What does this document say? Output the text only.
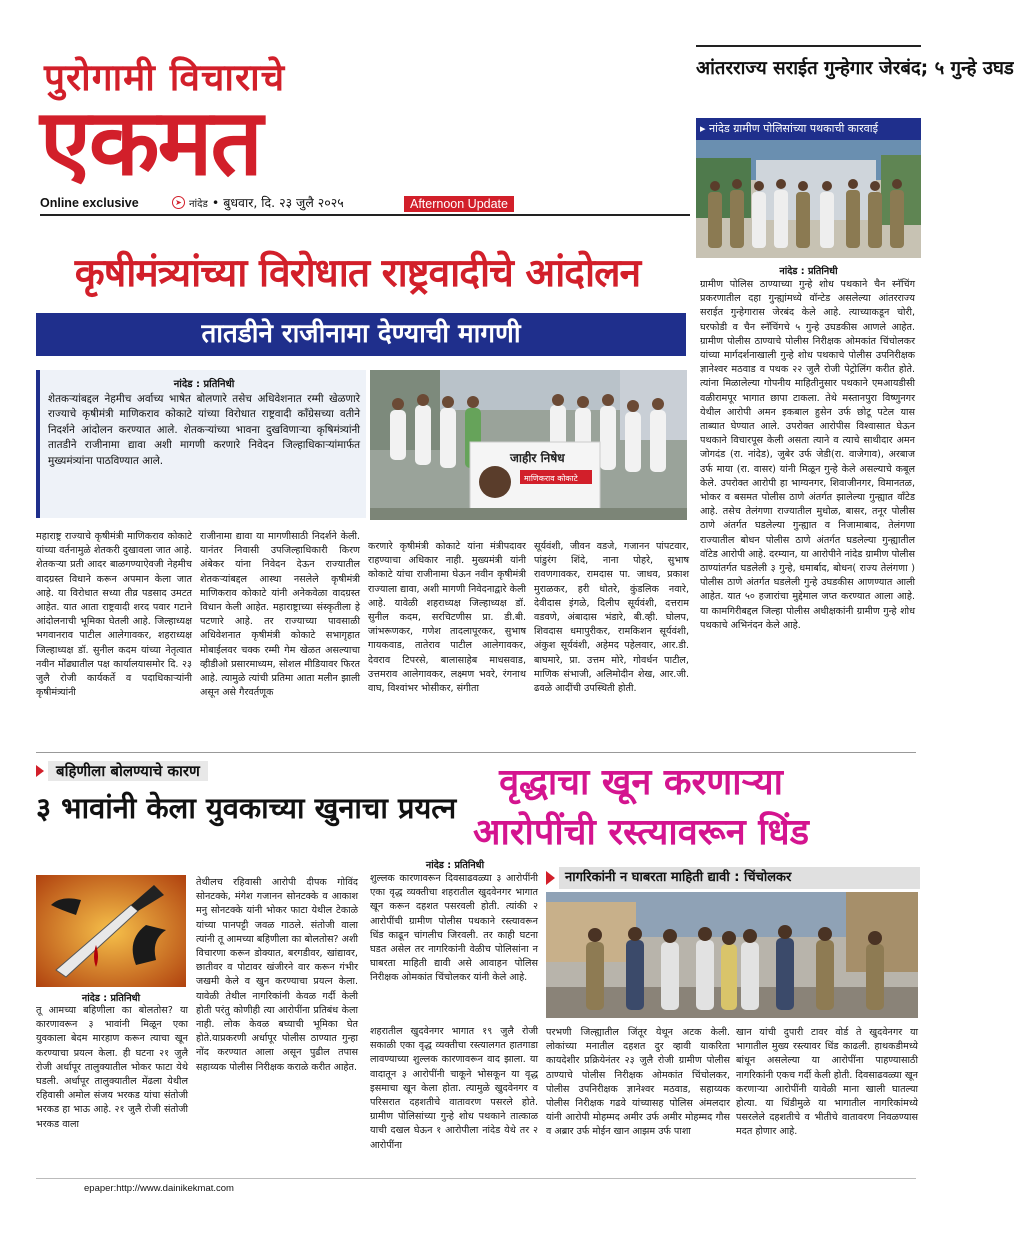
पुरोगामी विचाराचे
एकमत
Online exclusive	➤ नांदेड • बुधवार, दि. २३ जुलै २०२५	Afternoon Update
कृषीमंत्र्यांच्या विरोधात राष्ट्रवादीचे आंदोलन
तातडीने राजीनामा देण्याची मागणी
नांदेड : प्रतिनिधी
शेतकऱ्यांबद्दल नेहमीच अर्वाच्य भाषेत बोलणारे तसेच अधिवेशनात रम्मी खेळणारे राज्याचे कृषीमंत्री माणिकराव कोकाटे यांच्या विरोधात राष्ट्रवादी कॉंग्रेसच्या वतीने निदर्शने आंदोलन करण्यात आले. शेतकऱ्यांच्या भावना दुखविणाऱ्या कृषिमंत्र्यांनी तातडीने राजीनामा द्यावा अशी मागणी करणारे निवेदन जिल्हाधिकाऱ्यांमार्फत मुख्यमंत्र्यांना पाठविण्यात आले.	जाहीर निषेध
माणिकराव कोकाटे
महाराष्ट्र राज्याचे कृषीमंत्री माणिकराव कोकाटे यांच्या वर्तनामुळे शेतकरी दुखावला जात आहे. शेतकऱ्या प्रती आदर बाळगण्याऐवजी नेहमीच वादग्रस्त विधाने करून अपमान केला जात आहे. या विरोधात सध्या तीव्र पडसाद उमटत आहेत. यात आता राष्ट्रवादी शरद पवार गटाने आंदोलनाची भूमिका घेतली आहे. जिल्हाध्यक्ष भगवानराव पाटील आलेगावकर, शहराध्यक्ष जिल्हाध्यक्ष डॉ. सुनील कदम यांच्या नेतृत्वात नवीन मोंढ्यातील पक्ष कार्यालयासमोर दि. २३ जुलै रोजी कार्यकर्ते व पदाधिकाऱ्यांनी कृषीमंत्र्यांनी
राजीनामा द्यावा या मागणीसाठी निदर्शने केली. यानंतर निवासी उपजिल्हाधिकारी किरण अंबेकर यांना निवेदन देऊन राज्यातील शेतकऱ्यांबद्दल आस्था नसलेले कृषीमंत्री माणिकराव कोकाटे यांनी अनेकवेळा वादग्रस्त विधान केली आहेत. महाराष्ट्राच्या संस्कृतीला हे पटणारे आहे. तर राज्याच्या पावसाळी अधिवेशनात कृषीमंत्री कोकाटे सभागृहात मोबाईलवर चक्क रम्मी गेम खेळत असल्याचा व्हीडीओ प्रसारमाध्यम, सोशल मीडियावर फिरत आहे. त्यामुळे त्यांची प्रतिमा आता मलीन झाली असून असे गैरवर्तणूक
करणारे कृषीमंत्री कोकाटे यांना मंत्रीपदावर राहण्याचा अधिकार नाही. मुख्यमंत्री यांनी कोकाटे यांचा राजीनामा घेऊन नवीन कृषीमंत्री राज्याला द्यावा, अशी मागणी निवेदनाद्वारे केली आहे. यावेळी शहराध्यक्ष जिल्हाध्यक्ष डॉ. सुनील कदम, सरचिटणीस प्रा. डी.बी. जांभरूणकर, गणेश तादलापूरकर, सुभाष गायकवाड, तातेराव पाटील आलेगावकर, देवराव टिपरसे, बालासाहेब माधसवाड, उत्तमराव आलेगावकर, लक्ष्मण भवरे, रंगनाथ वाघ, विश्वांभर भोसीकर, संगीता
सूर्यवंशी, जीवन वडजे, गजानन पांपटवार, पांडुरंग शिंदे, नाना पोहरे, सुभाष रावणगावकर, रामदास पा. जाधव, प्रकाश मुराळकर, हरी धोतरे, कुंडलिक नवारे, देवीदास इंगळे, दिलीप सूर्यवंशी, दत्तराम वडवणे, अंबादास भंडारे, बी.व्ही. घोलप, शिवदास धमापुरीकर, रामकिशन सूर्यवंशी, अंकुश सूर्यवंशी, अहेमद पहेलवार, आर.डी. बाघमारे, प्रा. उत्तम मोरे, गोवर्धन पाटील, माणिक संभाजी, अलिमोदीन शेख, आर.जी. ढवळे आदींची उपस्थिती होती.
आंतरराज्य सराईत गुन्हेगार जेरबंद; ५ गुन्हे उघड
▸ नांदेड ग्रामीण पोलिसांच्या पथकाची कारवाई
नांदेड : प्रतिनिधी
ग्रामीण पोलिस ठाण्याच्या गुन्हे शोध पथकाने चैन स्नॅचिंग प्रकरणातील दहा गुन्ह्यांमध्ये वॉन्टेड असलेल्या आंतरराज्य सराईत गुन्हेगारास जेरबंद केले आहे. त्याच्याकडून चोरी, घरफोडी व चैन स्नॅचिंगचे ५ गुन्हे उघडकीस आणले आहेत. ग्रामीण पोलीस ठाण्याचे पोलीस निरीक्षक ओमकांत चिंचोलकर यांच्या मार्गदर्शनाखाली गुन्हे शोध पथकाचे पोलीस उपनिरीक्षक ज्ञानेश्वर मठवाड व पथक २२ जुलै रोजी पेट्रोलिंग करीत होते. त्यांना मिळालेल्या गोपनीय माहितीनुसार पथकाने एमआयडीसी वळीरामपूर भागात छापा टाकला. तेथे मस्तानपुरा विष्णुनगर येथील आरोपी अमन इकबाल हुसेन उर्फ छोटू पटेल यास ताब्यात घेण्यात आले. उपरोक्त आरोपीस विश्वासात घेऊन पथकाने विचारपूस केली असता त्याने व त्याचे साथीदार अमन जोगदंड (रा. नांदेड), जुबेर उर्फ जेडी(रा. वाजेगाव), अरबाज उर्फ माया (रा. वासर) यांनी मिळून गुन्हे केले असल्याचे कबूल केले. उपरोक्त आरोपी हा भाग्यनगर, शिवाजीनगर, विमानतळ, भोकर व बसमत पोलीस ठाणे अंतर्गत झालेल्या गुन्ह्यात वाँटेड आहे. तसेच तेलंगणा राज्यातील मुधोळ, बासर, तनूर पोलीस ठाणे अंतर्गत घडलेल्या गुन्ह्यात व निजामाबाद, तेलंगणा राज्यातील बोधन पोलीस ठाणे अंतर्गत घडलेल्या गुन्ह्यातील वॉटेड आरोपी आहे. दरम्यान, या आरोपीने नांदेड ग्रामीण पोलीस ठाण्यांतर्गत घडलेली ३ गुन्हे, धमार्बाद, बोधन( राज्य तेलंगणा ) पोलीस ठाणे अंतर्गत घडलेली गुन्हे उघडकीस आणण्यात आली आहेत. यात ५० हजारांचा मुद्देमाल जप्त करण्यात आला आहे. या कामगिरीबद्दल जिल्हा पोलीस अधीक्षकांनी ग्रामीण गुन्हे शोध पथकाचे अभिनंदन केले आहे.
बहिणीला बोलण्याचे कारण
३ भावांनी केला युवकाच्या खुनाचा प्रयत्न
नांदेड : प्रतिनिधी
तू आमच्या बहिणीला का बोलतोस? या कारणावरून ३ भावांनी मिळून एका युवकाला बेदम मारहाण करून त्याचा खून करण्याचा प्रयत्न केला. ही घटना २१ जुलै रोजी अर्धापूर तालुक्यातील भोकर फाटा येथे घडली. अर्धापूर तालुक्यातील मेंढला येथील रहिवासी अमोल संजय भरकड यांचा संतोजी भरकड हा भाऊ आहे. २१ जुलै रोजी संतोजी भरकड वाला
तेथीलच रहिवासी आरोपी दीपक गोविंद सोनटक्के, मंगेश गजानन सोनटक्के व आकाश मनु सोनटक्के यांनी भोकर फाटा येथील टेकाळे यांच्या पानपट्टी जवळ गाठले. संतोजी वाला त्यांनी तू आमच्या बहिणीला का बोलतोस? अशी विचारणा करून डोक्यात, बरगडीवर, खांद्यावर, छातीवर व पोटावर खंजीरने वार करून गंभीर जखमी केले व खुन करण्याचा प्रयत्न केला. यावेळी तेथील नागरिकांनी केवळ गर्दी केली होती परंतु कोणीही त्या आरोपींना प्रतिबंध केला नाही. लोक केवळ बघ्याची भूमिका घेत होते.याप्रकरणी अर्धापूर पोलीस ठाण्यात गुन्हा नोंद करण्यात आला असून पुढील तपास सहाय्यक पोलीस निरीक्षक कराळे करीत आहेत.
वृद्धाचा खून करणाऱ्या
आरोपींची रस्त्यावरून धिंड
नांदेड : प्रतिनिधी
शुल्लक कारणावरून दिवसाढवळ्या ३ आरोपींनी एका वृद्ध व्यक्तीचा शहरातील खुदवेनगर भागात खून करून दहशत पसरवली होती. त्यांकी २ आरोपींची ग्रामीण पोलीस पथकाने रस्त्यावरून धिंड काढून चांगलीच जिरवली. तर काही घटना घडत असेल तर नागरिकांनी वेळीच पोलिसांना न घाबरता माहिती द्यावी असे आवाहन पोलिस निरीक्षक ओमकांत चिंचोलकर यांनी केले आहे.
शहरातील खुदवेनगर भागात १९ जुलै रोजी सकाळी एका वृद्ध व्यक्तीचा रस्त्यालगत हातगाडा लावण्याच्या शुल्लक कारणावरून वाद झाला. या वादातून ३ आरोपींनी चाकूने भोसकून या वृद्ध इसमाचा खून केला होता. त्यामुळे खुदवेनगर व परिसरात दहशतीचे वातावरण पसरले होते. ग्रामीण पोलिसांच्या गुन्हे शोध पथकाने तात्काळ याची दखल घेऊन १ आरोपीला नांदेड येथे तर २ आरोपींना
नागरिकांनी न घाबरता माहिती द्यावी : चिंचोलकर
परभणी जिल्ह्यातील जिंतूर येथून अटक केली. लोकांच्या मनातील दहशत दुर व्हावी याकरिता कायदेशीर प्रक्रियेनंतर २३ जुलै रोजी ग्रामीण पोलीस ठाण्याचे पोलीस निरीक्षक ओमकांत चिंचोलकर, पोलीस उपनिरीक्षक ज्ञानेश्वर मठवाड, सहाय्यक पोलीस निरीक्षक गढवे यांच्यासह पोलिस अंमलदार यांनी आरोपी मोहम्मद अमीर उर्फ अमीर मोहम्मद गौस व अब्रार उर्फ मोईन खान आझम उर्फ पाशा
खान यांची दुपारी टावर वोर्ड ते खुदवेनगर या भागातील मुख्य रस्त्यावर धिंड काढली. हाथकडीमध्ये बांधून असलेल्या या आरोपींना पाहण्यासाठी नागरिकांनी एकच गर्दी केली होती. दिवसाढवळ्या खून करणाऱ्या आरोपींनी यावेळी माना खाली घातल्या होत्या. या धिंडीमुळे या भागातील नागरिकांमध्ये पसरलेले दहशतीचे व भीतीचे वातावरण निवळण्यास मदत होणार आहे.
epaper:http://www.dainikekmat.com
